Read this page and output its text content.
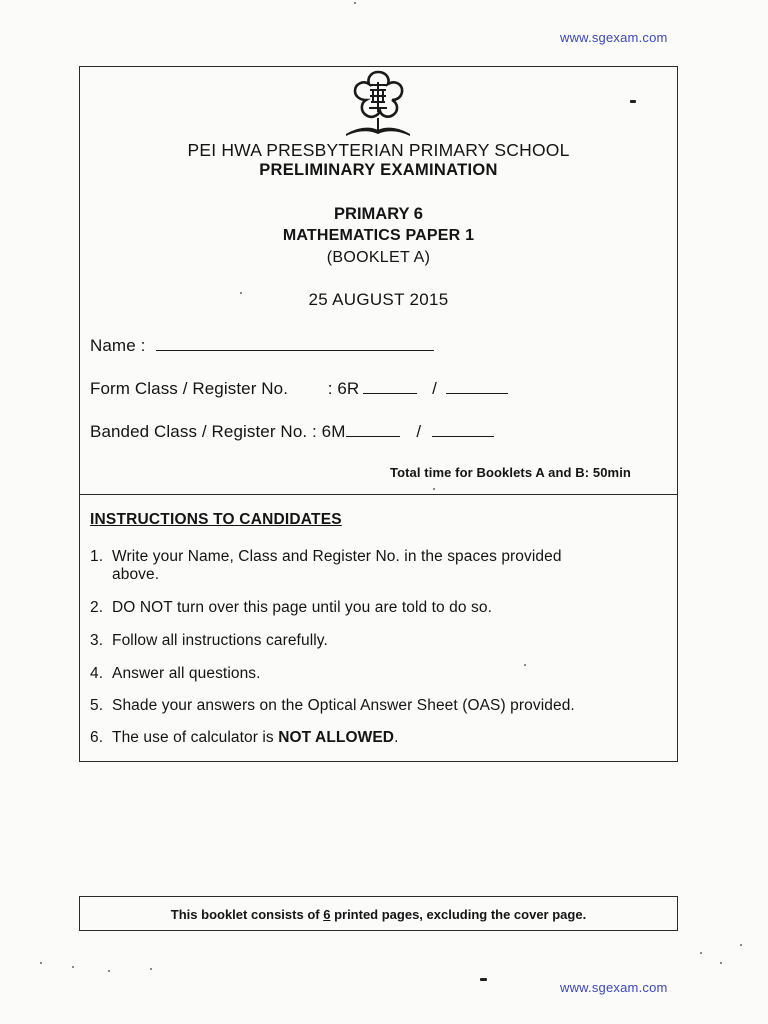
www.sgexam.com
PEI HWA PRESBYTERIAN PRIMARY SCHOOL
PRELIMINARY EXAMINATION
PRIMARY 6
MATHEMATICS PAPER 1
(BOOKLET A)
25 AUGUST 2015
Name :
Form Class / Register No. : 6R	/
Banded Class / Register No. : 6M	/
Total time for Booklets A and B: 50min
INSTRUCTIONS TO CANDIDATES
1. Write your Name, Class and Register No. in the spaces provided
above.
2. DO NOT turn over this page until you are told to do so.
3. Follow all instructions carefully.
4. Answer all questions.
5. Shade your answers on the Optical Answer Sheet (OAS) provided.
6. The use of calculator is NOT ALLOWED.
This booklet consists of 6 printed pages, excluding the cover page.
www.sgexam.com
